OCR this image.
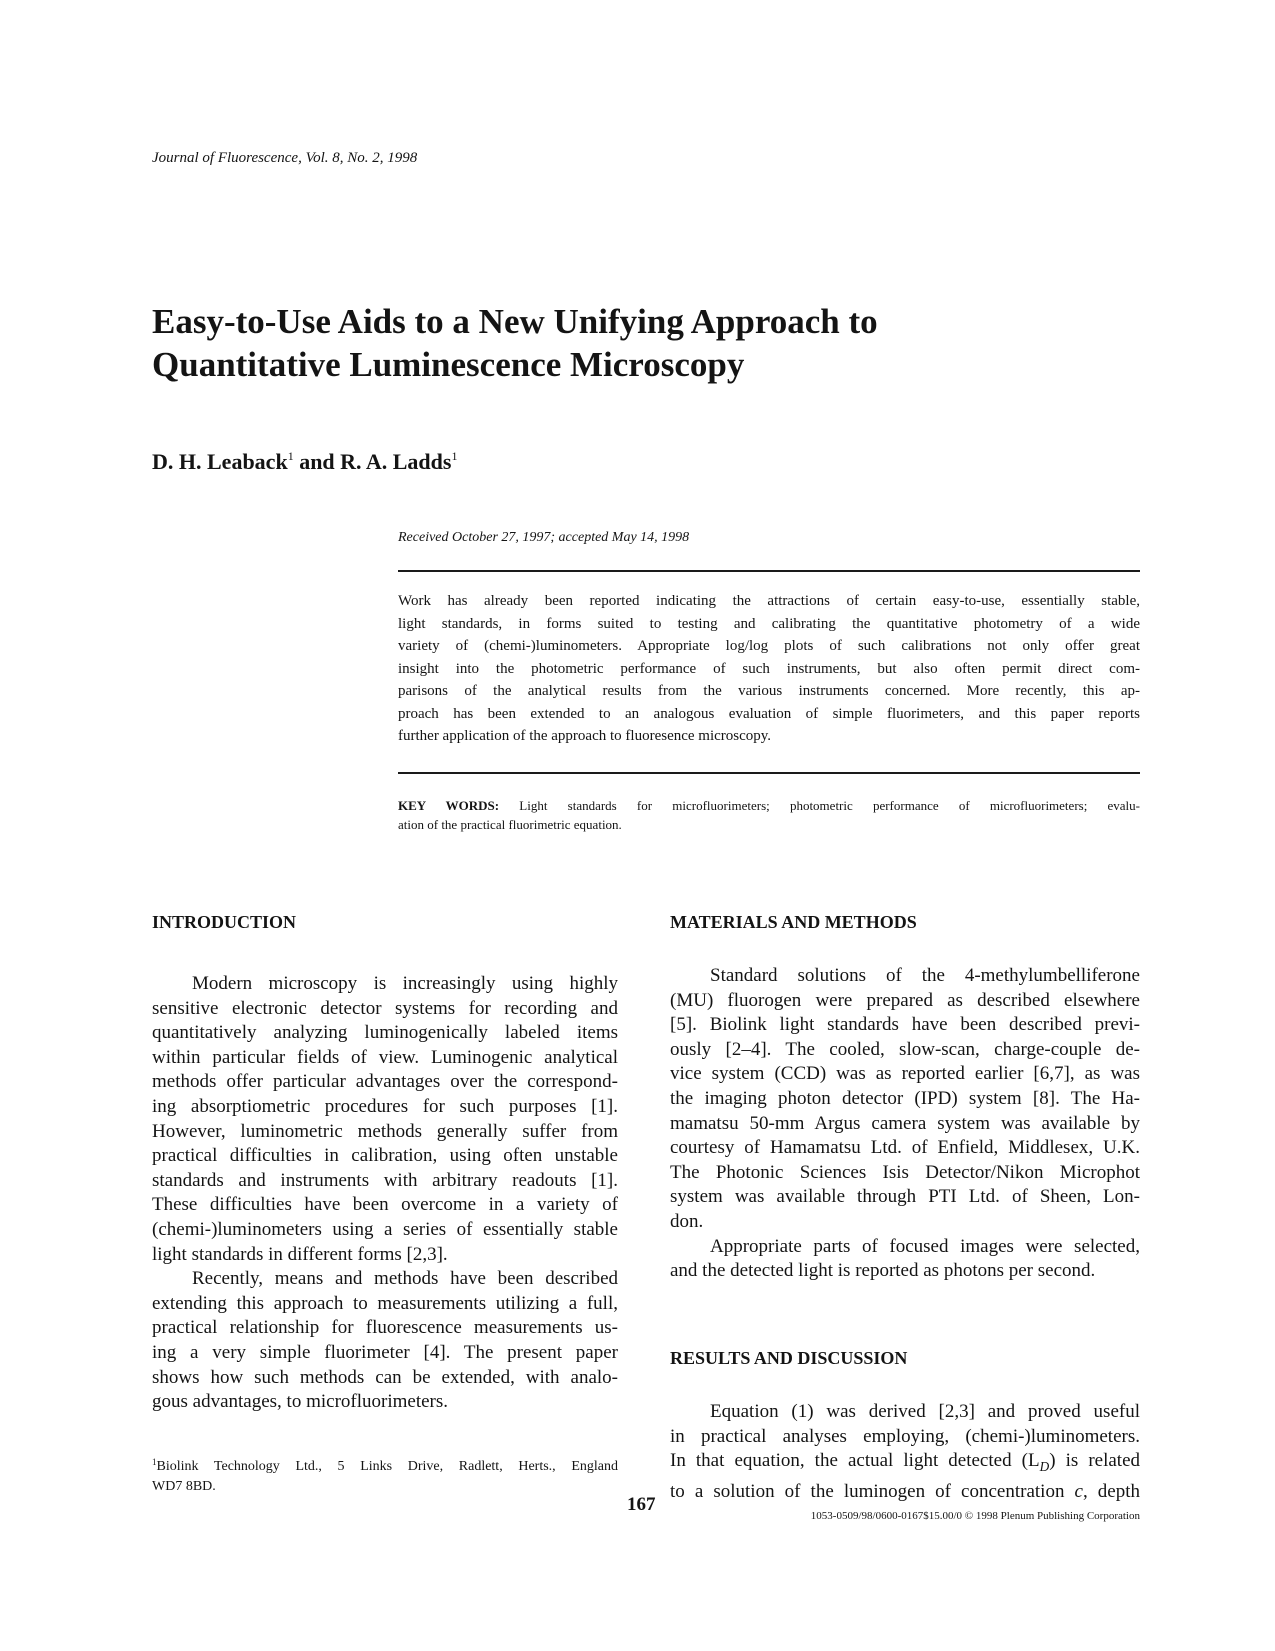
Journal of Fluorescence, Vol. 8, No. 2, 1998
Easy-to-Use Aids to a New Unifying Approach to
Quantitative Luminescence Microscopy
D. H. Leaback$^1$ and R. A. Ladds$^1$
Received October 27, 1997; accepted May 14, 1998
Work has already been reported indicating the attractions of certain easy-to-use, essentially stable,
light standards, in forms suited to testing and calibrating the quantitative photometry of a wide
variety of (chemi-)luminometers. Appropriate log/log plots of such calibrations not only offer great
insight into the photometric performance of such instruments, but also often permit direct com-
parisons of the analytical results from the various instruments concerned. More recently, this ap-
proach has been extended to an analogous evaluation of simple fluorimeters, and this paper reports
further application of the approach to fluoresence microscopy.
KEY WORDS: Light standards for microfluorimeters; photometric performance of microfluorimeters; evalu-
ation of the practical fluorimetric equation.
INTRODUCTION
Modern microscopy is increasingly using highly
sensitive electronic detector systems for recording and
quantitatively analyzing luminogenically labeled items
within particular fields of view. Luminogenic analytical
methods offer particular advantages over the correspond-
ing absorptiometric procedures for such purposes [1].
However, luminometric methods generally suffer from
practical difficulties in calibration, using often unstable
standards and instruments with arbitrary readouts [1].
These difficulties have been overcome in a variety of
(chemi-)luminometers using a series of essentially stable
light standards in different forms [2,3].
Recently, means and methods have been described
extending this approach to measurements utilizing a full,
practical relationship for fluorescence measurements us-
ing a very simple fluorimeter [4]. The present paper
shows how such methods can be extended, with analo-
gous advantages, to microfluorimeters.
MATERIALS AND METHODS
Standard solutions of the 4-methylumbelliferone
(MU) fluorogen were prepared as described elsewhere
[5]. Biolink light standards have been described previ-
ously [2–4]. The cooled, slow-scan, charge-couple de-
vice system (CCD) was as reported earlier [6,7], as was
the imaging photon detector (IPD) system [8]. The Ha-
mamatsu 50-mm Argus camera system was available by
courtesy of Hamamatsu Ltd. of Enfield, Middlesex, U.K.
The Photonic Sciences Isis Detector/Nikon Microphot
system was available through PTI Ltd. of Sheen, Lon-
don.
Appropriate parts of focused images were selected,
and the detected light is reported as photons per second.
RESULTS AND DISCUSSION
Equation (1) was derived [2,3] and proved useful
in practical analyses employing, (chemi-)luminometers.
In that equation, the actual light detected $(L_D)$ is related
to a solution of the luminogen of concentration c, depth
$^1$Biolink Technology Ltd., 5 Links Drive, Radlett, Herts., England
WD7 8BD.
167
1053-0509/98/0600-0167$15.00/0 © 1998 Plenum Publishing Corporation
